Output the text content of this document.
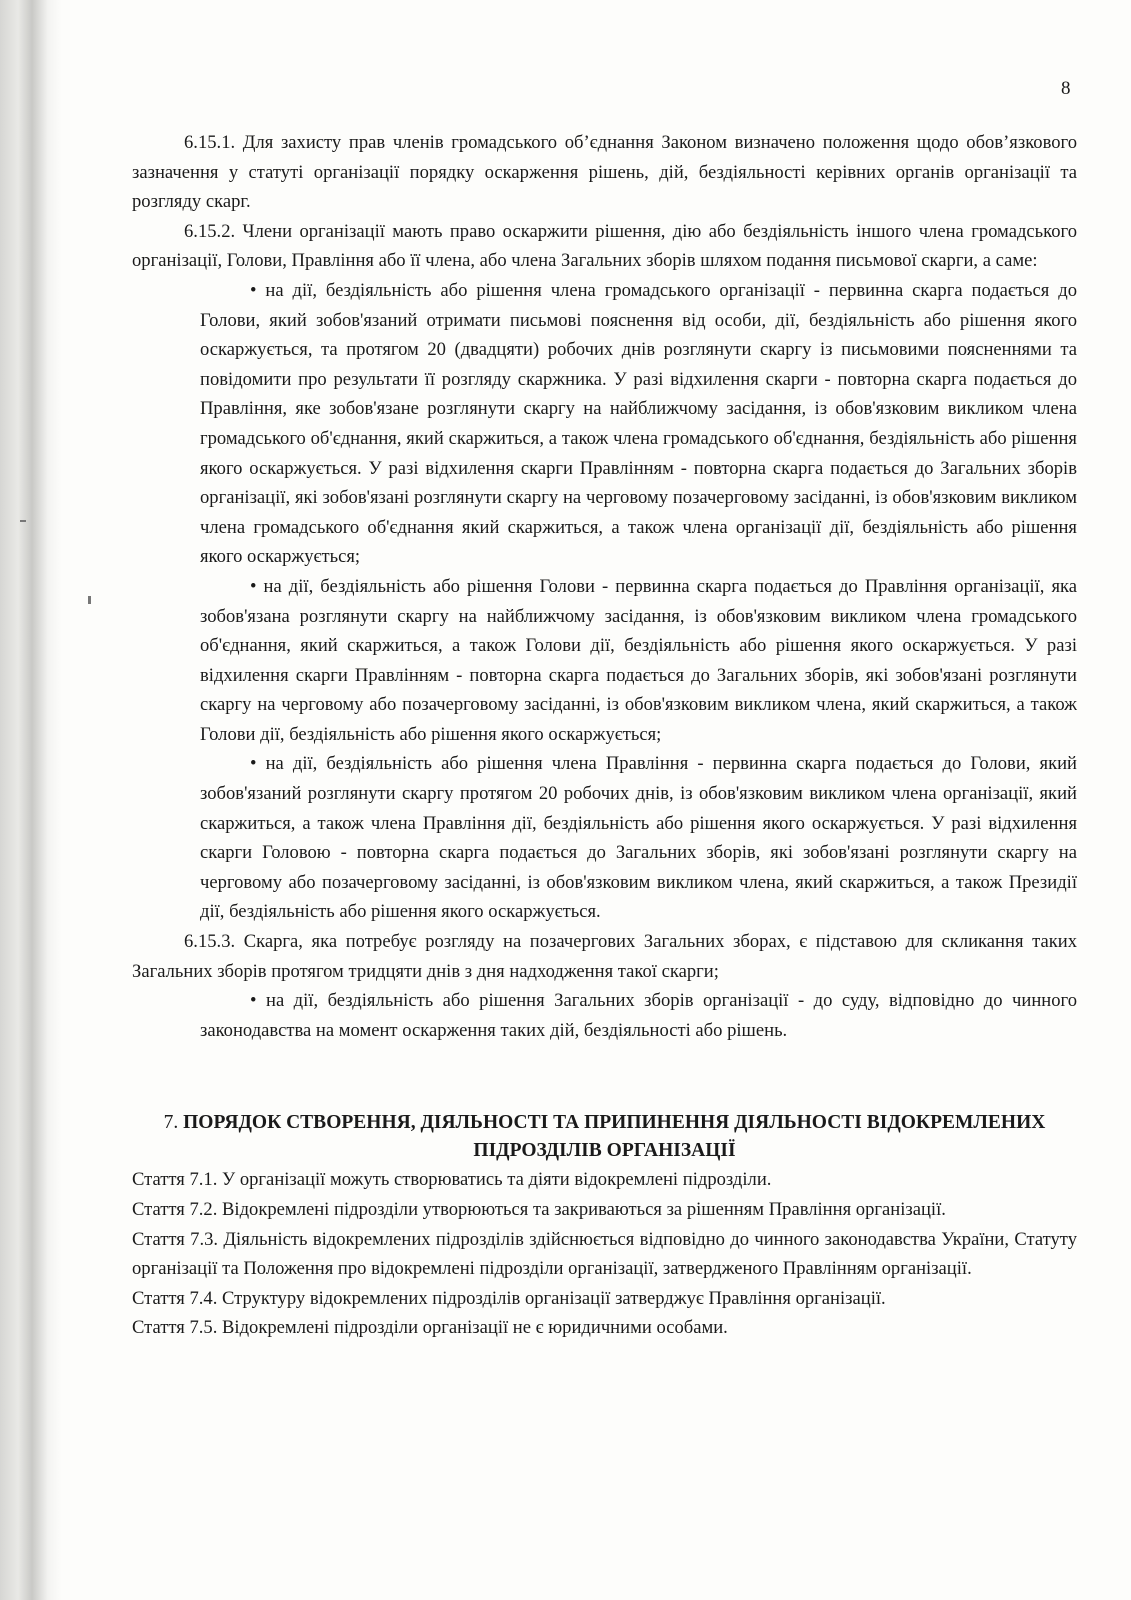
8

6.15.1. Для захисту прав членів громадського об’єднання Законом визначено положення щодо обов’язкового зазначення у статуті організації порядку оскарження рішень, дій, бездіяльності керівних органів організації та розгляду скарг.

6.15.2. Члени організації мають право оскаржити рішення, дію або бездіяльність іншого члена громадського організації, Голови, Правління або її члена, або члена Загальних зборів шляхом подання письмової скарги, а саме:

• на дії, бездіяльність або рішення члена громадського організації - первинна скарга подається до Голови, який зобов'язаний отримати письмові пояснення від особи, дії, бездіяльність або рішення якого оскаржується, та протягом 20 (двадцяти) робочих днів розглянути скаргу із письмовими поясненнями та повідомити про результати її розгляду скаржника. У разі відхилення скарги - повторна скарга подається до Правління, яке зобов'язане розглянути скаргу на найближчому засідання, із обов'язковим викликом члена громадського об'єднання, який скаржиться, а також члена громадського об'єднання, бездіяльність або рішення якого оскаржується. У разі відхилення скарги Правлінням - повторна скарга подається до Загальних зборів організації, які зобов'язані розглянути скаргу на черговому позачерговому засіданні, із обов'язковим викликом члена громадського об'єднання який скаржиться, а також члена організації дії, бездіяльність або рішення якого оскаржується;

• на дії, бездіяльність або рішення Голови - первинна скарга подається до Правління організації, яка зобов'язана розглянути скаргу на найближчому засідання, із обов'язковим викликом члена громадського об'єднання, який скаржиться, а також Голови дії, бездіяльність або рішення якого оскаржується. У разі відхилення скарги Правлінням - повторна скарга подається до Загальних зборів, які зобов'язані розглянути скаргу на черговому або позачерговому засіданні, із обов'язковим викликом члена, який скаржиться, а також Голови дії, бездіяльність або рішення якого оскаржується;

• на дії, бездіяльність або рішення члена Правління - первинна скарга подається до Голови, який зобов'язаний розглянути скаргу протягом 20 робочих днів, із обов'язковим викликом члена організації, який скаржиться, а також члена Правління дії, бездіяльність або рішення якого оскаржується. У разі відхилення скарги Головою - повторна скарга подається до Загальних зборів, які зобов'язані розглянути скаргу на черговому або позачерговому засіданні, із обов'язковим викликом члена, який скаржиться, а також Президії дії, бездіяльність або рішення якого оскаржується.

6.15.3. Скарга, яка потребує розгляду на позачергових Загальних зборах, є підставою для скликання таких Загальних зборів протягом тридцяти днів з дня надходження такої скарги;

• на дії, бездіяльність або рішення Загальних зборів організації - до суду, відповідно до чинного законодавства на момент оскарження таких дій, бездіяльності або рішень.

7. ПОРЯДОК СТВОРЕННЯ, ДІЯЛЬНОСТІ ТА ПРИПИНЕННЯ ДІЯЛЬНОСТІ ВІДОКРЕМЛЕНИХ ПІДРОЗДІЛІВ ОРГАНІЗАЦІЇ

Стаття 7.1. У організації можуть створюватись та діяти відокремлені підрозділи.

Стаття 7.2. Відокремлені підрозділи утворюються та закриваються за рішенням Правління організації.

Стаття 7.3. Діяльність відокремлених підрозділів здійснюється відповідно до чинного законодавства України, Статуту організації та Положення про відокремлені підрозділи організації, затвердженого Правлінням організації.

Стаття 7.4. Структуру відокремлених підрозділів організації затверджує Правління організації.

Стаття 7.5. Відокремлені підрозділи організації не є юридичними особами.
